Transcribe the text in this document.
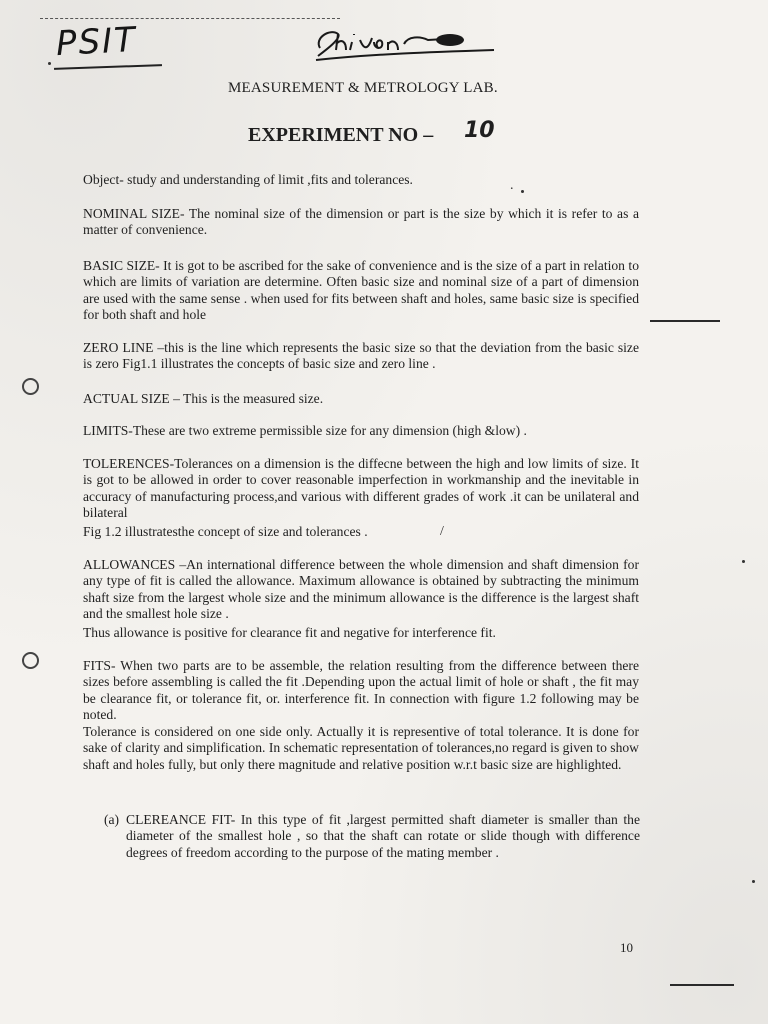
PSIT
MEASUREMENT & METROLOGY LAB.
EXPERIMENT NO – 10
Object- study and understanding of limit ,fits and tolerances.
NOMINAL SIZE- The nominal size of the dimension or part is the size by which it is refer to as a matter of convenience.
BASIC SIZE- It is got to be ascribed for the sake of convenience and is the size of a part in relation to which are limits of variation are determine. Often basic size and nominal size of a part of dimension are used with the same sense . when used for fits between shaft and holes, same basic size is specified for both shaft and hole
ZERO LINE –this is the line which represents the basic size so that the deviation from the basic size is zero Fig1.1 illustrates the concepts of basic size and zero line .
ACTUAL SIZE – This is the measured size.
LIMITS-These are two extreme permissible size for any dimension (high &low) .
TOLERENCES-Tolerances on a dimension is the diffecne between the high and low limits of size. It is got to be allowed in order to cover reasonable imperfection in workmanship and the inevitable in accuracy of manufacturing process,and various with different grades of work .it can be unilateral and bilateral
Fig 1.2 illustratesthe concept of size and tolerances .
ALLOWANCES –An international difference between the whole dimension and shaft dimension for any type of fit is called the allowance. Maximum allowance is obtained by subtracting the minimum shaft size from the largest whole size and the minimum allowance is the difference is the largest shaft and the smallest hole size .
Thus allowance is positive for clearance fit and negative for interference fit.
FITS- When two parts are to be assemble, the relation resulting from the difference between there sizes before assembling is called the fit .Depending upon the actual limit of hole or shaft , the fit may be clearance fit, or tolerance fit, or. interference fit. In connection with figure 1.2 following may be noted.
Tolerance is considered on one side only. Actually it is representive of total tolerance. It is done for sake of clarity and simplification. In schematic representation of tolerances,no regard is given to show shaft and holes fully, but only there magnitude and relative position w.r.t basic size are highlighted.
(a) CLEREANCE FIT- In this type of fit ,largest permitted shaft diameter is smaller than the diameter of the smallest hole , so that the shaft can rotate or slide though with difference degrees of freedom according to the purpose of the mating member .
10
.
/
